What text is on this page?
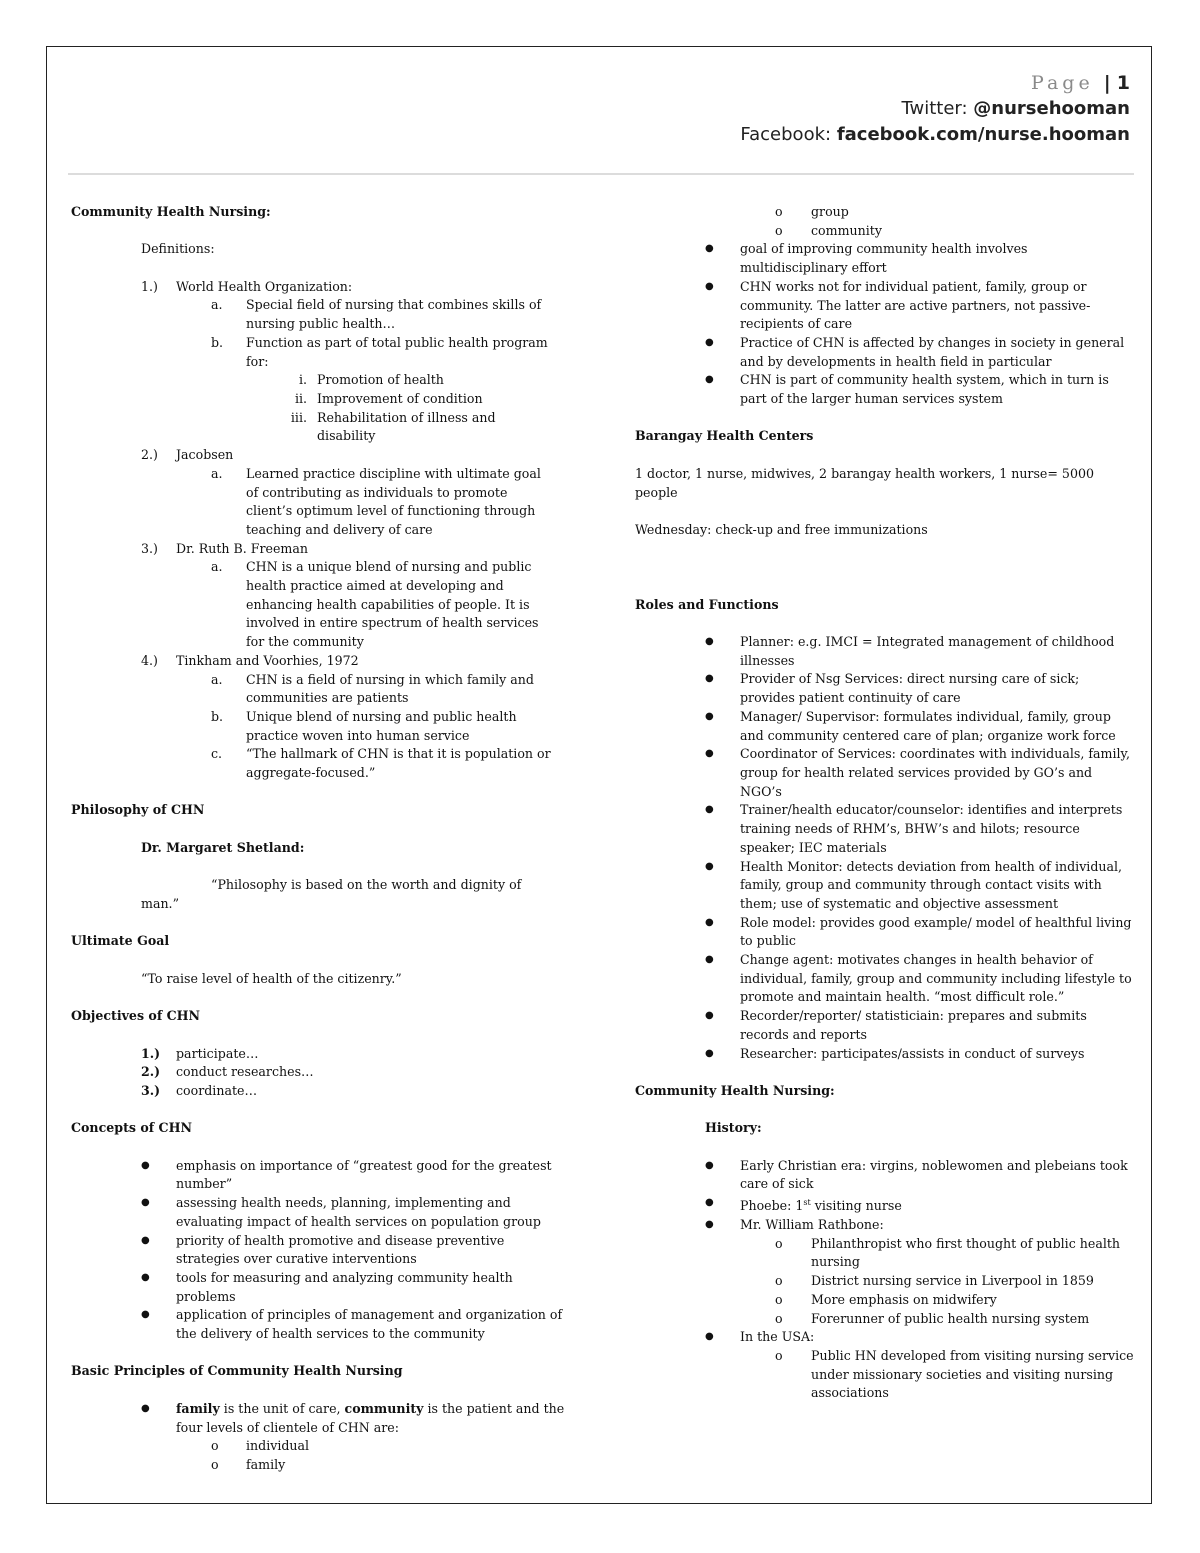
Page | 1
Twitter: @nursehooman
Facebook: facebook.com/nurse.hooman

Community Health Nursing:

Definitions:

1.)	World Health Organization:
a.	Special field of nursing that combines skills of nursing public health…
b.	Function as part of total public health program for:
i. Promotion of health
ii. Improvement of condition
iii. Rehabilitation of illness and disability
2.)	Jacobsen
a.	Learned practice discipline with ultimate goal of contributing as individuals to promote client’s optimum level of functioning through teaching and delivery of care
3.)	Dr. Ruth B. Freeman
a.	CHN is a unique blend of nursing and public health practice aimed at developing and enhancing health capabilities of people. It is involved in entire spectrum of health services for the community
4.)	Tinkham and Voorhies, 1972
a.	CHN is a field of nursing in which family and communities are patients
b.	Unique blend of nursing and public health practice woven into human service
c.	“The hallmark of CHN is that it is population or aggregate-focused.”

Philosophy of CHN

Dr. Margaret Shetland:

“Philosophy is based on the worth and dignity of man.”

Ultimate Goal

“To raise level of health of the citizenry.”

Objectives of CHN

1.)	participate…
2.)	conduct researches…
3.)	coordinate…

Concepts of CHN

●	emphasis on importance of “greatest good for the greatest number”
●	assessing health needs, planning, implementing and evaluating impact of health services on population group
●	priority of health promotive and disease preventive strategies over curative interventions
●	tools for measuring and analyzing community health problems
●	application of principles of management and organization of the delivery of health services to the community

Basic Principles of Community Health Nursing

●	family is the unit of care, community is the patient and the four levels of clientele of CHN are:
o	individual
o	family
o	group
o	community
●	goal of improving community health involves multidisciplinary effort
●	CHN works not for individual patient, family, group or community. The latter are active partners, not passive-recipients of care
●	Practice of CHN is affected by changes in society in general and by developments in health field in particular
●	CHN is part of community health system, which in turn is part of the larger human services system

Barangay Health Centers

1 doctor, 1 nurse, midwives, 2 barangay health workers, 1 nurse= 5000 people

Wednesday: check-up and free immunizations

Roles and Functions

●	Planner: e.g. IMCI = Integrated management of childhood illnesses
●	Provider of Nsg Services: direct nursing care of sick; provides patient continuity of care
●	Manager/ Supervisor: formulates individual, family, group and community centered care of plan; organize work force
●	Coordinator of Services: coordinates with individuals, family, group for health related services provided by GO’s and NGO’s
●	Trainer/health educator/counselor: identifies and interprets training needs of RHM’s, BHW’s and hilots; resource speaker; IEC materials
●	Health Monitor: detects deviation from health of individual, family, group and community through contact visits with them; use of systematic and objective assessment
●	Role model: provides good example/ model of healthful living to public
●	Change agent: motivates changes in health behavior of individual, family, group and community including lifestyle to promote and maintain health. “most difficult role.”
●	Recorder/reporter/ statisticiain: prepares and submits records and reports
●	Researcher: participates/assists in conduct of surveys

Community Health Nursing:

History:

●	Early Christian era: virgins, noblewomen and plebeians took care of sick
●	Phoebe: 1st visiting nurse
●	Mr. William Rathbone:
o	Philanthropist who first thought of public health nursing
o	District nursing service in Liverpool in 1859
o	More emphasis on midwifery
o	Forerunner of public health nursing system
●	In the USA:
o	Public HN developed from visiting nursing service under missionary societies and visiting nursing associations
